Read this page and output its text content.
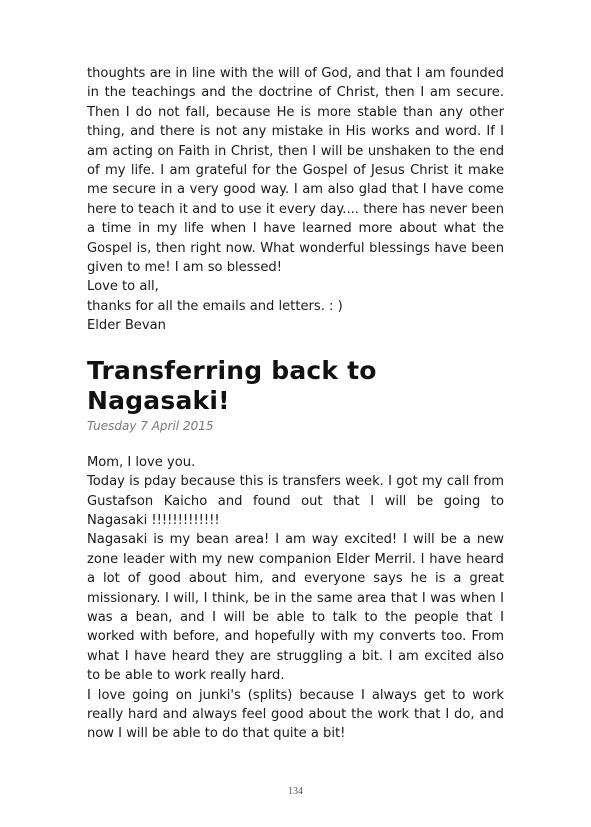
thoughts are in line with the will of God, and that I am founded in the teachings and the doctrine of Christ, then I am secure. Then I do not fall, because He is more stable than any other thing, and there is not any mistake in His works and word. If I am acting on Faith in Christ, then I will be unshaken to the end of my life. I am grateful for the Gospel of Jesus Christ it make me secure in a very good way. I am also glad that I have come here to teach it and to use it every day.... there has never been a time in my life when I have learned more about what the Gospel is, then right now. What wonderful blessings have been given to me! I am so blessed!

Love to all,

thanks for all the emails and letters. : )

Elder Bevan

Transferring back to Nagasaki!
Tuesday 7 April 2015

Mom, I love you.

Today is pday because this is transfers week. I got my call from Gustafson Kaicho and found out that I will be going to Nagasaki !!!!!!!!!!!!!

Nagasaki is my bean area! I am way excited! I will be a new zone leader with my new companion Elder Merril. I have heard a lot of good about him, and everyone says he is a great missionary. I will, I think, be in the same area that I was when I was a bean, and I will be able to talk to the people that I worked with before, and hopefully with my converts too. From what I have heard they are struggling a bit. I am excited also to be able to work really hard.

I love going on junki's (splits) because I always get to work really hard and always feel good about the work that I do, and now I will be able to do that quite a bit!

134
